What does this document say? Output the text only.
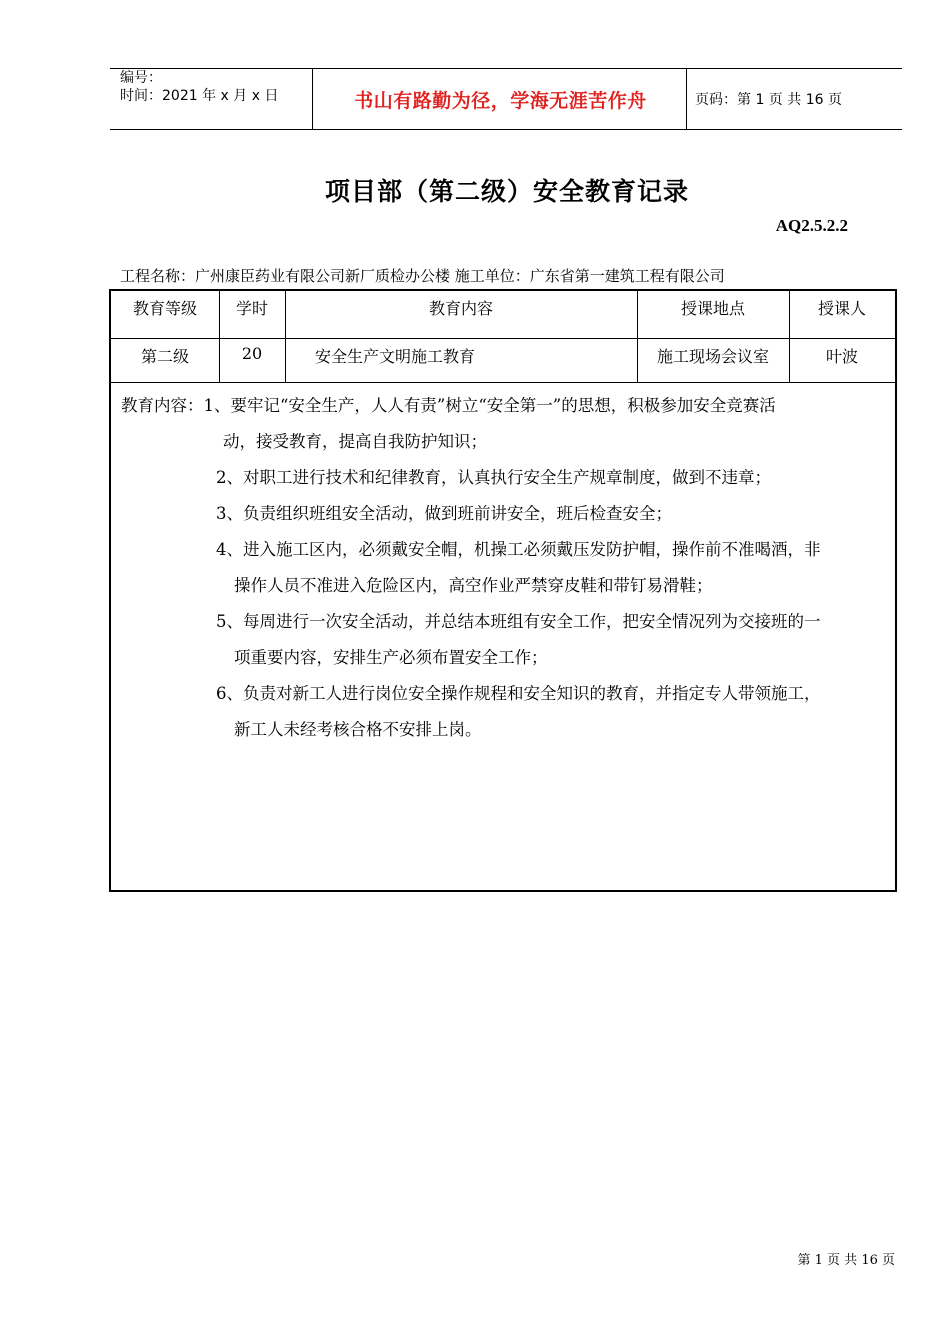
编号：
时间：2021 年 x 月 x 日	书山有路勤为径，学海无涯苦作舟	页码：第 1 页 共 16 页
项目部（第二级）安全教育记录
AQ2.5.2.2
工程名称：广州康臣药业有限公司新厂质检办公楼 施工单位：广东省第一建筑工程有限公司
教育等级	学时	教育内容	授课地点	授课人
第二级	20	安全生产文明施工教育	施工现场会议室	叶波
教育内容：1、要牢记“安全生产，人人有责”树立“安全第一”的思想，积极参加安全竞赛活
动，接受教育，提高自我防护知识；
2、对职工进行技术和纪律教育，认真执行安全生产规章制度，做到不违章；
3、负责组织班组安全活动，做到班前讲安全，班后检查安全；
4、进入施工区内，必须戴安全帽，机操工必须戴压发防护帽，操作前不准喝酒，非
操作人员不准进入危险区内，高空作业严禁穿皮鞋和带钉易滑鞋；
5、每周进行一次安全活动，并总结本班组有安全工作，把安全情况列为交接班的一
项重要内容，安排生产必须布置安全工作；
6、负责对新工人进行岗位安全操作规程和安全知识的教育，并指定专人带领施工，
新工人未经考核合格不安排上岗。
第 1 页 共 16 页
